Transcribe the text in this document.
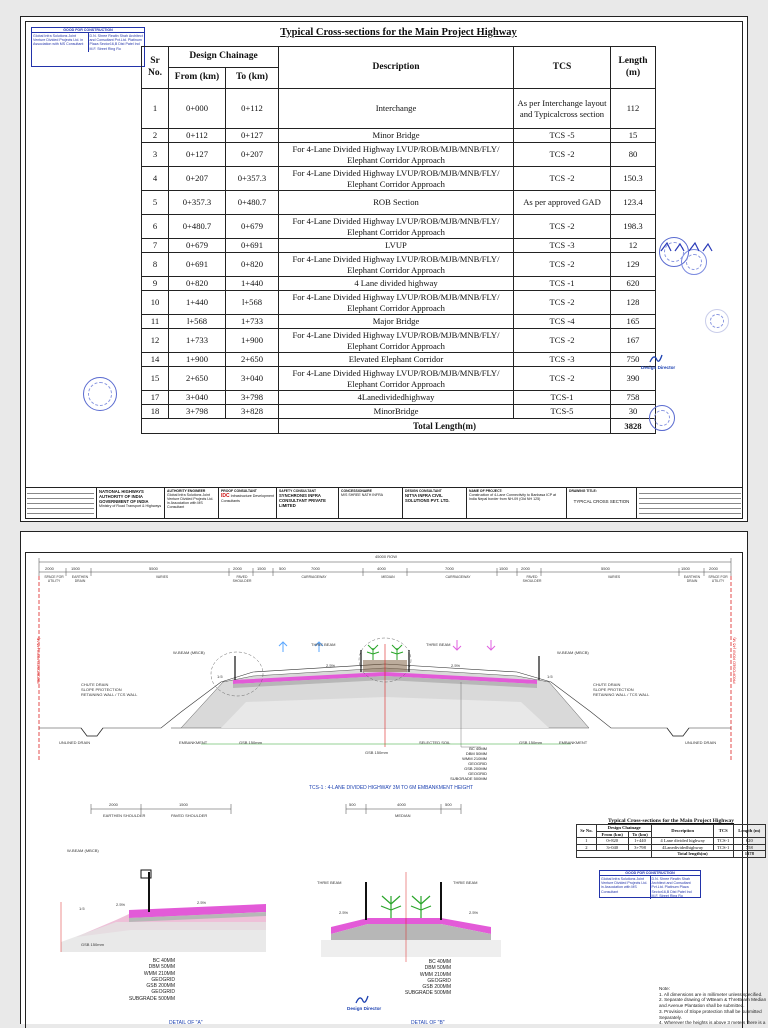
GOOD FOR CONSTRUCTION
Global Infra Solutions Joint Venture Divided Projects Ltd. in Association with MS Consultant
D.N. Shree Realtn Shah Architect and Consultant Pvt.Ltd. Platinum Plaza Sector16,B Dist Patel Ind M.F. Street Ring Ro
Typical Cross-sections for the Main Project Highway
Sr No.	Design Chainage		Description	TCS	Length (m)
	From (km)	To (km)			
1	0+000	0+112	Interchange	As per Interchange layout and Typicalcross section	112
2	0+112	0+127	Minor Bridge	TCS -5	15
3	0+127	0+207	For 4-Lane Divided Highway LVUP/ROB/MJB/MNB/FLY/ Elephant Corridor Approach	TCS -2	80
4	0+207	0+357.3	For 4-Lane Divided Highway LVUP/ROB/MJB/MNB/FLY/ Elephant Corridor Approach	TCS -2	150.3
5	0+357.3	0+480.7	ROB Section	As per approved GAD	123.4
6	0+480.7	0+679	For 4-Lane Divided Highway LVUP/ROB/MJB/MNB/FLY/ Elephant Corridor Approach	TCS -2	198.3
7	0+679	0+691	LVUP	TCS -3	12
8	0+691	0+820	For 4-Lane Divided Highway LVUP/ROB/MJB/MNB/FLY/ Elephant Corridor Approach	TCS -2	129
9	0+820	1+440	4 Lane divided highway	TCS -1	620
10	1+440	l+568	For 4-Lane Divided Highway LVUP/ROB/MJB/MNB/FLY/ Elephant Corridor Approach	TCS -2	128
11	l+568	1+733	Major Bridge	TCS -4	165
12	1+733	1+900	For 4-Lane Divided Highway LVUP/ROB/MJB/MNB/FLY/ Elephant Corridor Approach	TCS -2	167
14	1+900	2+650	Elevated Elephant Corridor	TCS -3	750
15	2+650	3+040	For 4-Lane Divided Highway LVUP/ROB/MJB/MNB/FLY/ Elephant Corridor Approach	TCS -2	390
17	3+040	3+798	4Lanedividedhighway	TCS-1	758
18	3+798	3+828	MinorBridge	TCS-5	30
			Total Length(m)		3828
Design Director
NATIONAL HIGHWAYS AUTHORITY OF INDIA GOVERNMENT OF INDIA
Ministry of Road Transport & Highways
AUTHORITY ENGINEER
Global Infra Solutions Joint Venture Divided Projects Ltd. in Association with MS Consultant
PROOF CONSULTANT
IDC Infrastructure Development Consultants
SAFETY CONSULTANT
SYNCHRONIS INFRA CONSULTANT PRIVATE LIMITED
CONCESSIONAIRE
M/S SHREE NATH INFRA
DESIGN CONSULTANT
NITYA INFRA CIVIL SOLUTIONS PVT. LTD.
NAME OF PROJECT:
Construction of 4-Lane Connectivity to Banbasa ICP at India Nepal border from NH-09 (Old NH 125)
DRAWING TITLE:
TYPICAL CROSS SECTION
45000 ROW
2000	1500	5500	2000	1500	500	7000	4000	7000	1500	2000	5500	1500	2000
SPACE FOR UTILITY
EARTHEN DRAIN
VARIES	PAVED SHOULDER
CARRIAGEWAY	MEDIAN	CARRIAGEWAY	PAVED SHOULDER
VARIES	EARTHEN DRAIN
SPACE FOR UTILITY
W-BEAM (MBCB)	W-BEAM (MBCB)
THRIE BEAM	THRIE BEAM
CHUTE DRAIN
SLOPE PROTECTION
RETAINING WALL / TCS WALL
CHUTE DRAIN
SLOPE PROTECTION
RETAINING WALL / TCS WALL
UNLINED DRAIN	UNLINED DRAIN
EMBANKMENT	EMBANKMENT
GSB 150mm
GSB 150mm
GSB 150mm
SELECTED SOIL
PROPOSED ROW (45 M)	PROPOSED ROW (45 M)
2.5%	2.5%
1:5	1:5
BC 40MM
DBM 50MM
WMM 210MM
GEOGRID
GSB 200MM
GEOGRID
SUBGRADE 500MM
TCS-1 : 4-LANE DIVIDED HIGHWAY 3M TO 6M EMBANKMENT HEIGHT
2000	1500
EARTHEN SHOULDER	PAVED SHOULDER
W-BEAM (MBCB)
1:5
2.5%	2.5%
GSB 150mm
BC 40MM
DBM 50MM
WMM 210MM
GEOGRID
GSB 200MM
GEOGRID
SUBGRADE 500MM
DETAIL OF "A"
500	4000	500
MEDIAN
THRIE BEAM	THRIE BEAM
2.5%	2.5%
BC 40MM
DBM 50MM
WMM 210MM
GEOGRID
GSB 200MM
SUBGRADE 500MM
DETAIL OF "B"
Design Director
Typical Cross-sections for the Main Project Highway
Sr No.	Design Chainage		Description	TCS	Length (m)
	From (km)	To (km)			
1	0+820	1+440	4 Lane divided highway	TCS-1	620
2	3+040	3+798	4Lanedividedhighway	TCS-1	758
			Total length(m)		1378
GOOD FOR CONSTRUCTION
Global Infra Solutions Joint Venture Divided Projects Ltd. in Association with MS Consultant
D.N. Shree Realtn Shah Architect and Consultant Pvt.Ltd. Platinum Plaza Sector16,B Dist Patel Ind M.F. Street Ring Ro
Note:
1. All dimensions are in millimeter unless specified.
2. Separate drawing of WBeam & ThreBeam Median and Avenue Plantation shall be submitted.
3. Provision of Slope protection Shall be submitted Separately.
4. Wherever the heights is above 3 meters there is a
